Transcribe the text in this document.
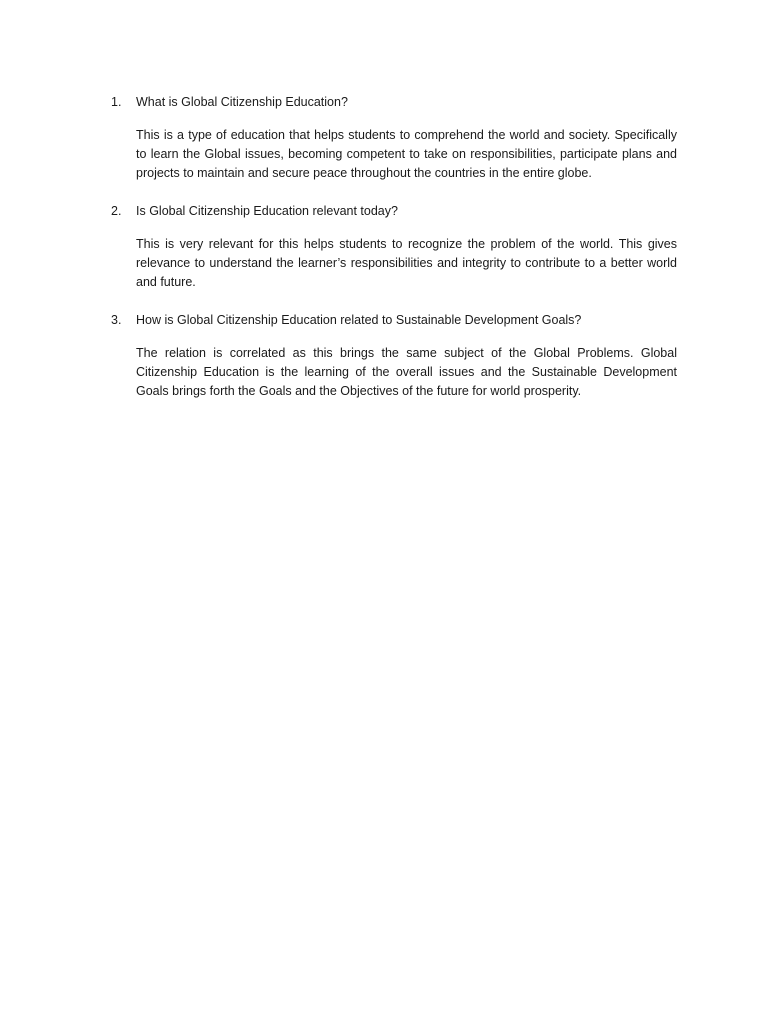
1.	What is Global Citizenship Education?

This is a type of education that helps students to comprehend the world and society. Specifically to learn the Global issues, becoming competent to take on responsibilities, participate plans and projects to maintain and secure peace throughout the countries in the entire globe.

2.	Is Global Citizenship Education relevant today?

This is very relevant for this helps students to recognize the problem of the world. This gives relevance to understand the learner’s responsibilities and integrity to contribute to a better world and future.

3.	How is Global Citizenship Education related to Sustainable Development Goals?

The relation is correlated as this brings the same subject of the Global Problems. Global Citizenship Education is the learning of the overall issues and the Sustainable Development Goals brings forth the Goals and the Objectives of the future for world prosperity.
